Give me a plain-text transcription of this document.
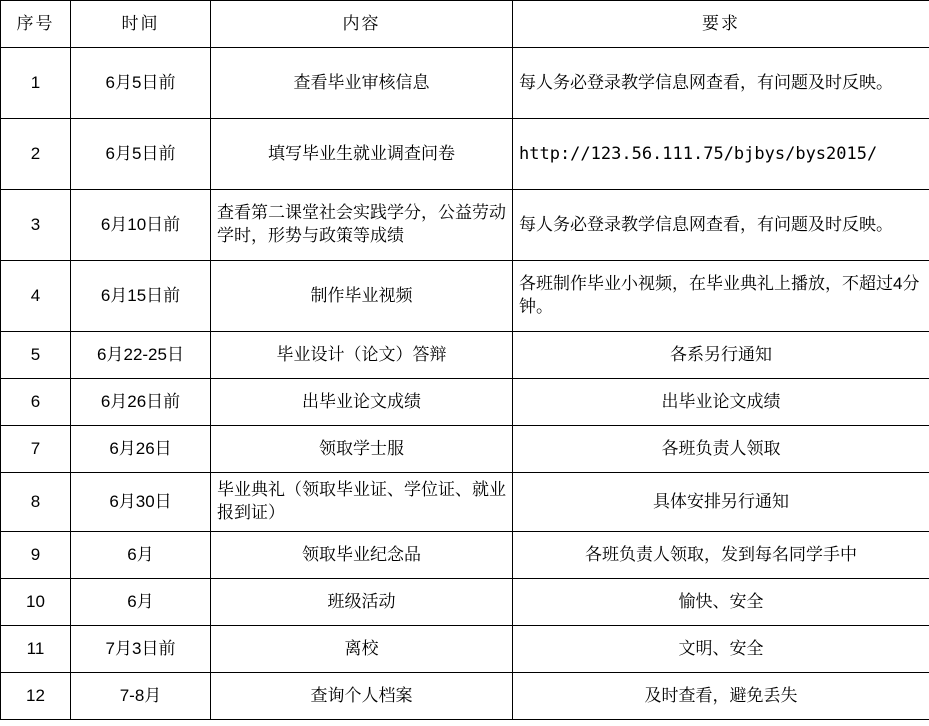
序号	时间	内容	要求
1	6月5日前	查看毕业审核信息	每人务必登录教学信息网查看，有问题及时反映。
2	6月5日前	填写毕业生就业调查问卷	http://123.56.111.75/bjbys/bys2015/
3	6月10日前	查看第二课堂社会实践学分，公益劳动学时，形势与政策等成绩	每人务必登录教学信息网查看，有问题及时反映。
4	6月15日前	制作毕业视频	各班制作毕业小视频，在毕业典礼上播放，不超过4分钟。
5	6月22-25日	毕业设计（论文）答辩	各系另行通知
6	6月26日前	出毕业论文成绩	出毕业论文成绩
7	6月26日	领取学士服	各班负责人领取
8	6月30日	毕业典礼（领取毕业证、学位证、就业报到证）	具体安排另行通知
9	6月	领取毕业纪念品	各班负责人领取，发到每名同学手中
10	6月	班级活动	愉快、安全
11	7月3日前	离校	文明、安全
12	7-8月	查询个人档案	及时查看，避免丢失
